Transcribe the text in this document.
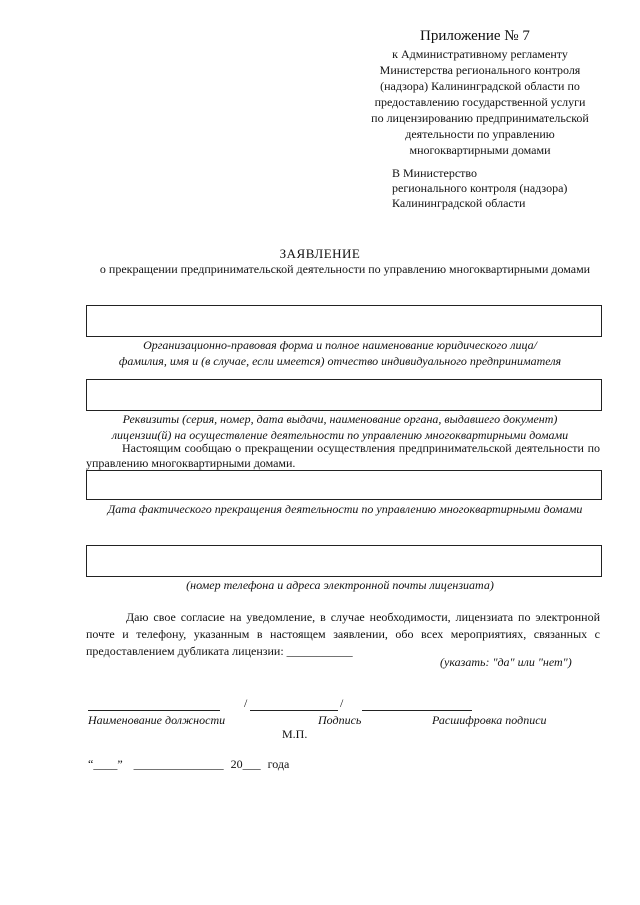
Приложение № 7
к Административному регламенту
Министерства регионального контроля
(надзора) Калининградской области по
предоставлению государственной услуги
по лицензированию предпринимательской
деятельности по управлению
многоквартирными домами
В Министерство
регионального контроля (надзора)
Калининградской области
ЗАЯВЛЕНИЕ
о прекращении предпринимательской деятельности по управлению многоквартирными домами
Организационно-правовая форма и полное наименование юридического лица/
фамилия, имя и (в случае, если имеется) отчество индивидуального предпринимателя
Реквизиты (серия, номер, дата выдачи, наименование органа, выдавшего документ)
лицензии(й) на осуществление деятельности по управлению многоквартирными домами
Настоящим сообщаю о прекращении осуществления предпринимательской деятельности по управлению многоквартирными домами.
Дата фактического прекращения деятельности по управлению многоквартирными домами
(номер телефона и адреса электронной почты лицензиата)
Даю свое согласие на уведомление, в случае необходимости, лицензиата по электронной почте и телефону, указанным в настоящем заявлении, обо всех мероприятиях, связанных с предоставлением дубликата лицензии: ___________
(указать: "да" или "нет")
/	/
Наименование должности	Подпись	Расшифровка подписи
М.П.
“____” _______________ 20___ года
